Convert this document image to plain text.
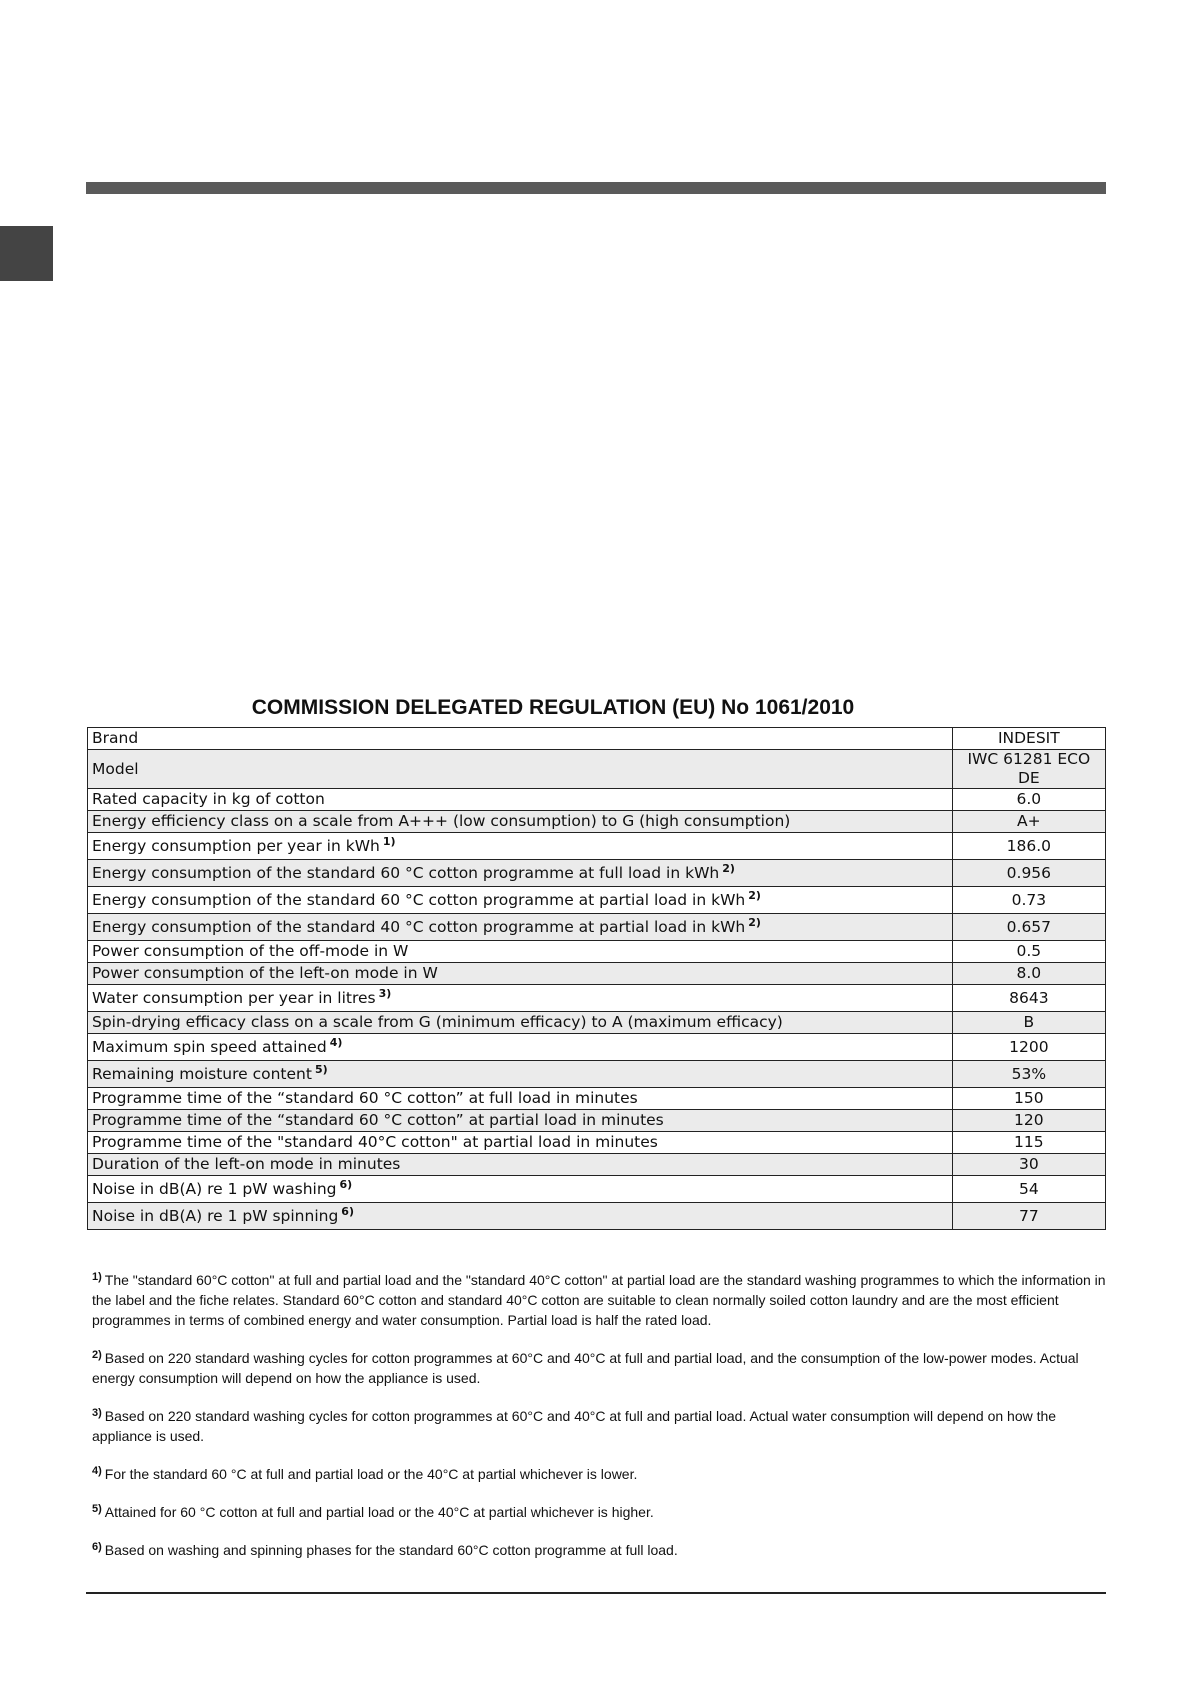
COMMISSION DELEGATED REGULATION (EU) No 1061/2010
Brand	INDESIT
Model	IWC 61281 ECO DE
Rated capacity in kg of cotton	6.0
Energy efficiency class on a scale from A+++ (low consumption) to G (high consumption)	A+
Energy consumption per year in kWh $^{1)}$	186.0
Energy consumption of the standard 60 °C cotton programme at full load in kWh $^{2)}$	0.956
Energy consumption of the standard 60 °C cotton programme at partial load in kWh $^{2)}$	0.73
Energy consumption of the standard 40 °C cotton programme at partial load in kWh $^{2)}$	0.657
Power consumption of the off-mode in W	0.5
Power consumption of the left-on mode in W	8.0
Water consumption per year in litres $^{3)}$	8643
Spin-drying efficacy class on a scale from G (minimum efficacy) to A (maximum efficacy)	B
Maximum spin speed attained $^{4)}$	1200
Remaining moisture content $^{5)}$	53%
Programme time of the “standard 60 °C cotton” at full load in minutes	150
Programme time of the “standard 60 °C cotton” at partial load in minutes	120
Programme time of the "standard 40°C cotton" at partial load in minutes	115
Duration of the left-on mode in minutes	30
Noise in dB(A) re 1 pW washing $^{6)}$	54
Noise in dB(A) re 1 pW spinning $^{6)}$	77
$^{1)}$ The "standard 60°C cotton" at full and partial load and the "standard 40°C cotton" at partial load are the standard washing programmes to which the information in the label and the fiche relates. Standard 60°C cotton and standard 40°C cotton are suitable to clean normally soiled cotton laundry and are the most efficient programmes in terms of combined energy and water consumption. Partial load is half the rated load.
$^{2)}$ Based on 220 standard washing cycles for cotton programmes at 60°C and 40°C at full and partial load, and the consumption of the low-power modes. Actual energy consumption will depend on how the appliance is used.
$^{3)}$ Based on 220 standard washing cycles for cotton programmes at 60°C and 40°C at full and partial load. Actual water consumption will depend on how the appliance is used.
$^{4)}$ For the standard 60 °C at full and partial load or the 40°C at partial whichever is lower.
$^{5)}$ Attained for 60 °C cotton at full and partial load or the 40°C at partial whichever is higher.
$^{6)}$ Based on washing and spinning phases for the standard 60°C cotton programme at full load.
